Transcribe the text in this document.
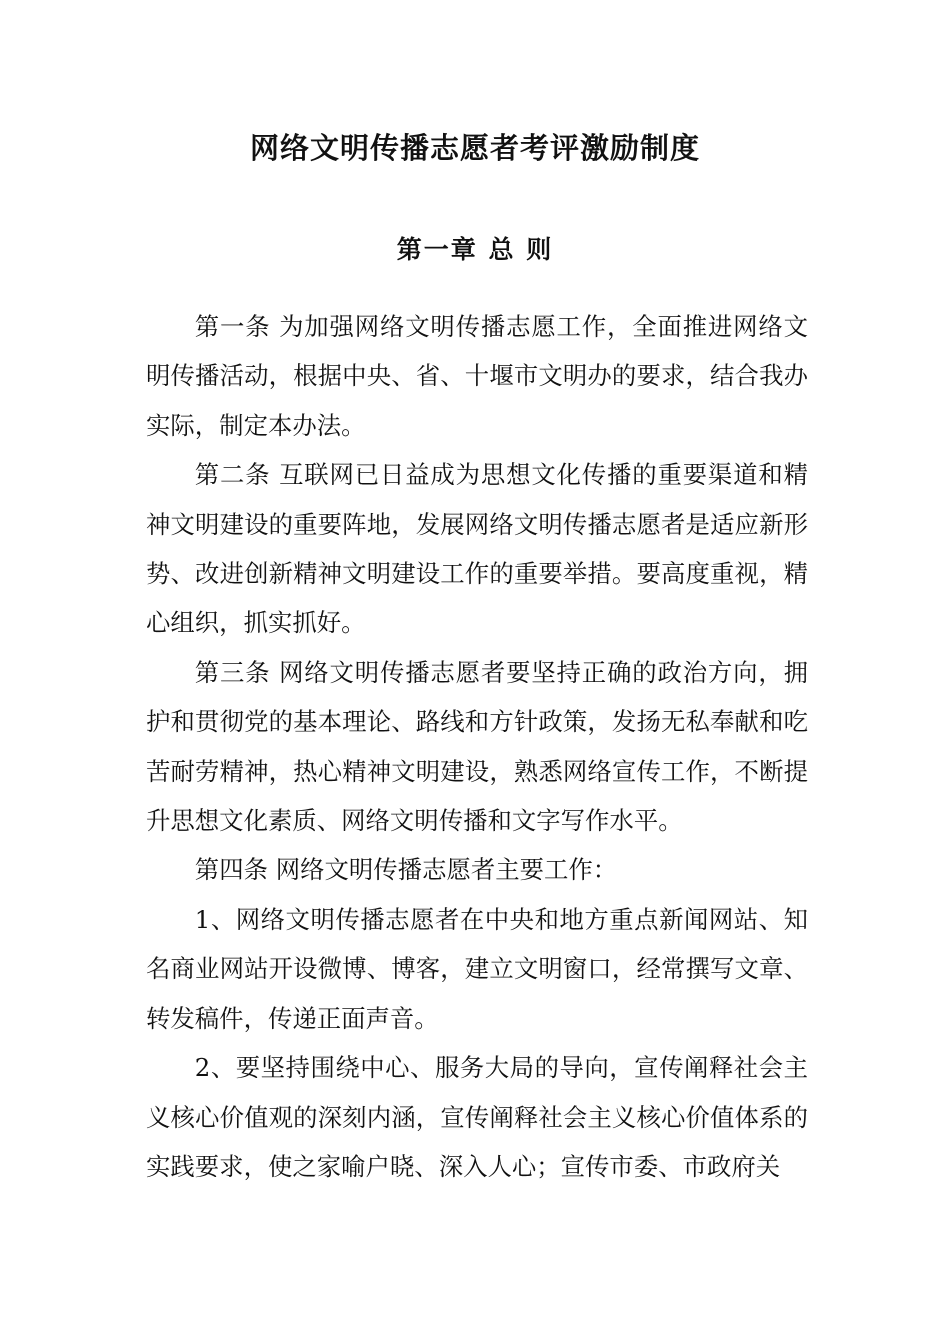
网络文明传播志愿者考评激励制度
第一章 总 则

第一条 为加强网络文明传播志愿工作，全面推进网络文明传播活动，根据中央、省、十堰市文明办的要求，结合我办实际，制定本办法。

第二条 互联网已日益成为思想文化传播的重要渠道和精神文明建设的重要阵地，发展网络文明传播志愿者是适应新形势、改进创新精神文明建设工作的重要举措。要高度重视，精心组织，抓实抓好。

第三条 网络文明传播志愿者要坚持正确的政治方向，拥护和贯彻党的基本理论、路线和方针政策，发扬无私奉献和吃苦耐劳精神，热心精神文明建设，熟悉网络宣传工作，不断提升思想文化素质、网络文明传播和文字写作水平。

第四条 网络文明传播志愿者主要工作：

1、网络文明传播志愿者在中央和地方重点新闻网站、知名商业网站开设微博、博客，建立文明窗口，经常撰写文章、转发稿件，传递正面声音。

2、要坚持围绕中心、服务大局的导向，宣传阐释社会主义核心价值观的深刻内涵，宣传阐释社会主义核心价值体系的实践要求，使之家喻户晓、深入人心；宣传市委、市政府关
